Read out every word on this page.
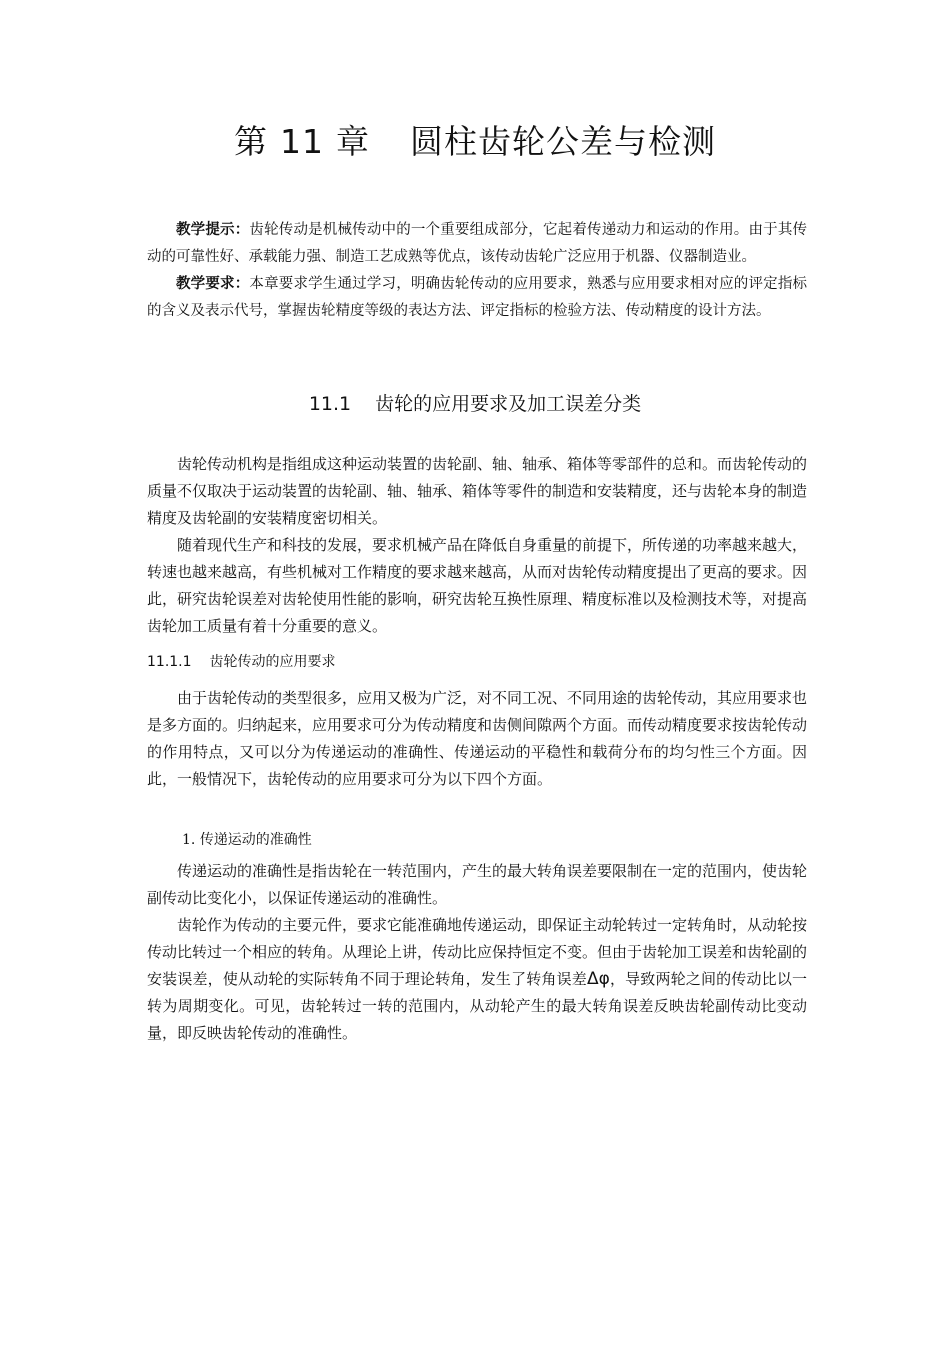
第 11 章 圆柱齿轮公差与检测

教学提示：齿轮传动是机械传动中的一个重要组成部分，它起着传递动力和运动的作用。由于其传动的可靠性好、承载能力强、制造工艺成熟等优点，该传动齿轮广泛应用于机器、仪器制造业。

教学要求：本章要求学生通过学习，明确齿轮传动的应用要求，熟悉与应用要求相对应的评定指标的含义及表示代号，掌握齿轮精度等级的表达方法、评定指标的检验方法、传动精度的设计方法。

11.1 齿轮的应用要求及加工误差分类

齿轮传动机构是指组成这种运动装置的齿轮副、轴、轴承、箱体等零部件的总和。而齿轮传动的质量不仅取决于运动装置的齿轮副、轴、轴承、箱体等零件的制造和安装精度，还与齿轮本身的制造精度及齿轮副的安装精度密切相关。

随着现代生产和科技的发展，要求机械产品在降低自身重量的前提下，所传递的功率越来越大，转速也越来越高，有些机械对工作精度的要求越来越高，从而对齿轮传动精度提出了更高的要求。因此，研究齿轮误差对齿轮使用性能的影响，研究齿轮互换性原理、精度标准以及检测技术等，对提高齿轮加工质量有着十分重要的意义。

11.1.1 齿轮传动的应用要求

由于齿轮传动的类型很多，应用又极为广泛，对不同工况、不同用途的齿轮传动，其应用要求也是多方面的。归纳起来，应用要求可分为传动精度和齿侧间隙两个方面。而传动精度要求按齿轮传动的作用特点，又可以分为传递运动的准确性、传递运动的平稳性和载荷分布的均匀性三个方面。因此，一般情况下，齿轮传动的应用要求可分为以下四个方面。

1. 传递运动的准确性

传递运动的准确性是指齿轮在一转范围内，产生的最大转角误差要限制在一定的范围内，使齿轮副传动比变化小，以保证传递运动的准确性。

齿轮作为传动的主要元件，要求它能准确地传递运动，即保证主动轮转过一定转角时，从动轮按传动比转过一个相应的转角。从理论上讲，传动比应保持恒定不变。但由于齿轮加工误差和齿轮副的安装误差，使从动轮的实际转角不同于理论转角，发生了转角误差Δφ，导致两轮之间的传动比以一转为周期变化。可见，齿轮转过一转的范围内，从动轮产生的最大转角误差反映齿轮副传动比变动量，即反映齿轮传动的准确性。
